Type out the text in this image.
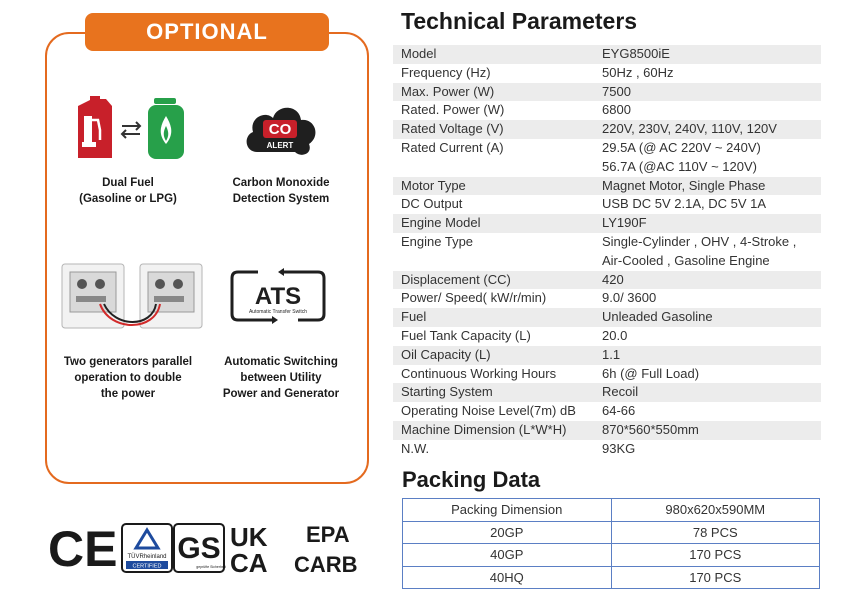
OPTIONAL
Dual Fuel
(Gasoline or LPG)
CO
ALERT
Carbon Monoxide
Detection System
Two generators parallel
operation to double
the power
ATS
Automatic Transfer Switch
Automatic Switching
between Utility
Power and Generator
CE TÜVRheinland
CERTIFIED
GS
geprüfte Sicherheit
UK
CA
EPA
CARB
Technical Parameters
Model	EYG8500iE
Frequency (Hz)	50Hz , 60Hz
Max. Power (W)	7500
Rated. Power (W)	6800
Rated Voltage (V)	220V, 230V, 240V, 110V, 120V
Rated Current (A)	29.5A (@ AC 220V ~ 240V)
56.7A (@AC 110V ~ 120V)
Motor Type	Magnet Motor, Single Phase
DC Output	USB DC 5V 2.1A, DC 5V 1A
Engine Model	LY190F
Engine Type	Single-Cylinder , OHV , 4-Stroke ,
Air-Cooled , Gasoline Engine
Displacement (CC)	420
Power/ Speed( kW/r/min)	9.0/ 3600
Fuel	Unleaded Gasoline
Fuel Tank Capacity (L)	20.0
Oil Capacity (L)	1.1
Continuous Working Hours	6h (@ Full Load)
Starting System	Recoil
Operating Noise Level(7m) dB	64-66
Machine Dimension (L*W*H)	870*560*550mm
N.W.	93KG
Packing Data
Packing Dimension	980x620x590MM
20GP	78 PCS
40GP	170 PCS
40HQ	170 PCS
